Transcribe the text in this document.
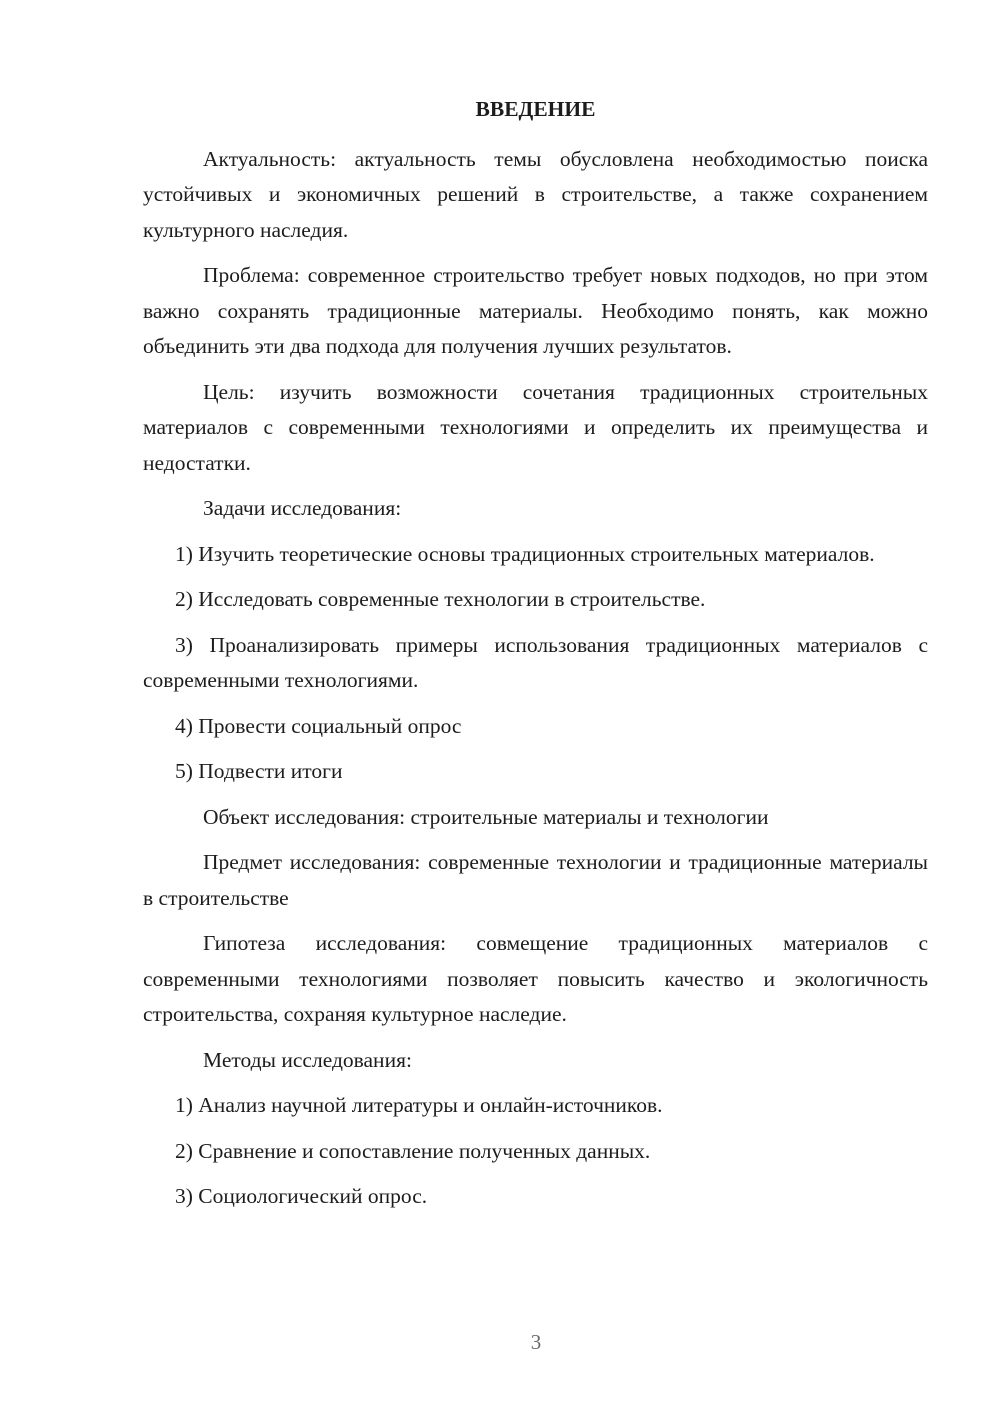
ВВЕДЕНИЕ

Актуальность: актуальность темы обусловлена необходимостью поиска устойчивых и экономичных решений в строительстве, а также сохранением культурного наследия.

Проблема: современное строительство требует новых подходов, но при этом важно сохранять традиционные материалы. Необходимо понять, как можно объединить эти два подхода для получения лучших результатов.

Цель: изучить возможности сочетания традиционных строительных материалов с современными технологиями и определить их преимущества и недостатки.

Задачи исследования:

1) Изучить теоретические основы традиционных строительных материалов.

2) Исследовать современные технологии в строительстве.

3) Проанализировать примеры использования традиционных материалов с современными технологиями.

4) Провести социальный опрос

5) Подвести итоги

Объект исследования: строительные материалы и технологии

Предмет исследования: современные технологии и традиционные материалы в строительстве

Гипотеза исследования: совмещение традиционных материалов с современными технологиями позволяет повысить качество и экологичность строительства, сохраняя культурное наследие.

Методы исследования:

1) Анализ научной литературы и онлайн-источников.

2) Сравнение и сопоставление полученных данных.

3) Социологический опрос.

3
